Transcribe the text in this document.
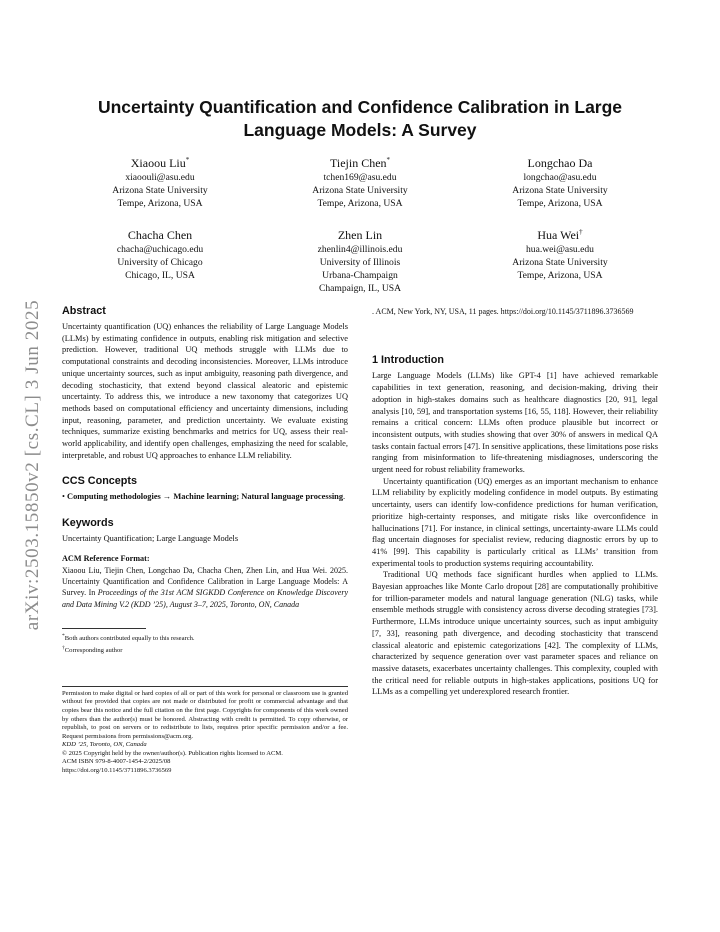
arXiv:2503.15850v2 [cs.CL] 3 Jun 2025
Uncertainty Quantification and Confidence Calibration in Large
Language Models: A Survey
Xiaoou Liu*
xiaoouli@asu.edu
Arizona State University
Tempe, Arizona, USA
Tiejin Chen*
tchen169@asu.edu
Arizona State University
Tempe, Arizona, USA
Longchao Da
longchao@asu.edu
Arizona State University
Tempe, Arizona, USA
Chacha Chen
chacha@uchicago.edu
University of Chicago
Chicago, IL, USA
Zhen Lin
zhenlin4@illinois.edu
University of Illinois
Urbana-Champaign
Champaign, IL, USA
Hua Wei†
hua.wei@asu.edu
Arizona State University
Tempe, Arizona, USA
Abstract

Uncertainty quantification (UQ) enhances the reliability of Large Language Models (LLMs) by estimating confidence in outputs, enabling risk mitigation and selective prediction. However, traditional UQ methods struggle with LLMs due to computational constraints and decoding inconsistencies. Moreover, LLMs introduce unique uncertainty sources, such as input ambiguity, reasoning path divergence, and decoding stochasticity, that extend beyond classical aleatoric and epistemic uncertainty. To address this, we introduce a new taxonomy that categorizes UQ methods based on computational efficiency and uncertainty dimensions, including input, reasoning, parameter, and prediction uncertainty. We evaluate existing techniques, summarize existing benchmarks and metrics for UQ, assess their real-world applicability, and identify open challenges, emphasizing the need for scalable, interpretable, and robust UQ approaches to enhance LLM reliability.

CCS Concepts

• Computing methodologies → Machine learning; Natural language processing.

Keywords

Uncertainty Quantification; Large Language Models

ACM Reference Format:

Xiaoou Liu, Tiejin Chen, Longchao Da, Chacha Chen, Zhen Lin, and Hua Wei. 2025. Uncertainty Quantification and Confidence Calibration in Large Language Models: A Survey. In Proceedings of the 31st ACM SIGKDD Conference on Knowledge Discovery and Data Mining V.2 (KDD ’25), August 3–7, 2025, Toronto, ON, Canada

*Both authors contributed equally to this research.
†Corresponding author
Permission to make digital or hard copies of all or part of this work for personal or classroom use is granted without fee provided that copies are not made or distributed for profit or commercial advantage and that copies bear this notice and the full citation on the first page. Copyrights for components of this work owned by others than the author(s) must be honored. Abstracting with credit is permitted. To copy otherwise, or republish, to post on servers or to redistribute to lists, requires prior specific permission and/or a fee. Request permissions from permissions@acm.org.
KDD ’25, Toronto, ON, Canada
© 2025 Copyright held by the owner/author(s). Publication rights licensed to ACM.
ACM ISBN 979-8-4007-1454-2/2025/08
https://doi.org/10.1145/3711896.3736569

. ACM, New York, NY, USA, 11 pages. https://doi.org/10.1145/3711896.3736569

1 Introduction

Large Language Models (LLMs) like GPT-4 [1] have achieved remarkable capabilities in text generation, reasoning, and decision-making, driving their adoption in high-stakes domains such as healthcare diagnostics [20, 91], legal analysis [10, 59], and transportation systems [16, 55, 118]. However, their reliability remains a critical concern: LLMs often produce plausible but incorrect or inconsistent outputs, with studies showing that over 30% of answers in medical QA tasks contain factual errors [47]. In sensitive applications, these limitations pose risks ranging from misinformation to life-threatening misdiagnoses, underscoring the urgent need for robust reliability frameworks.

Uncertainty quantification (UQ) emerges as an important mechanism to enhance LLM reliability by explicitly modeling confidence in model outputs. By estimating uncertainty, users can identify low-confidence predictions for human verification, prioritize high-certainty responses, and mitigate risks like overconfidence in hallucinations [71]. For instance, in clinical settings, uncertainty-aware LLMs could flag uncertain diagnoses for specialist review, reducing diagnostic errors by up to 41% [99]. This capability is particularly critical as LLMs’ transition from experimental tools to production systems requiring accountability.

Traditional UQ methods face significant hurdles when applied to LLMs. Bayesian approaches like Monte Carlo dropout [28] are computationally prohibitive for trillion-parameter models and natural language generation (NLG) tasks, while ensemble methods struggle with consistency across diverse decoding strategies [73]. Furthermore, LLMs introduce unique uncertainty sources, such as input ambiguity [7, 33], reasoning path divergence, and decoding stochasticity that transcend classical aleatoric and epistemic categorizations [42]. The complexity of LLMs, characterized by sequence generation over vast parameter spaces and reliance on massive datasets, exacerbates uncertainty challenges. This complexity, coupled with the critical need for reliable outputs in high-stakes applications, positions UQ for LLMs as a compelling yet underexplored research frontier.
